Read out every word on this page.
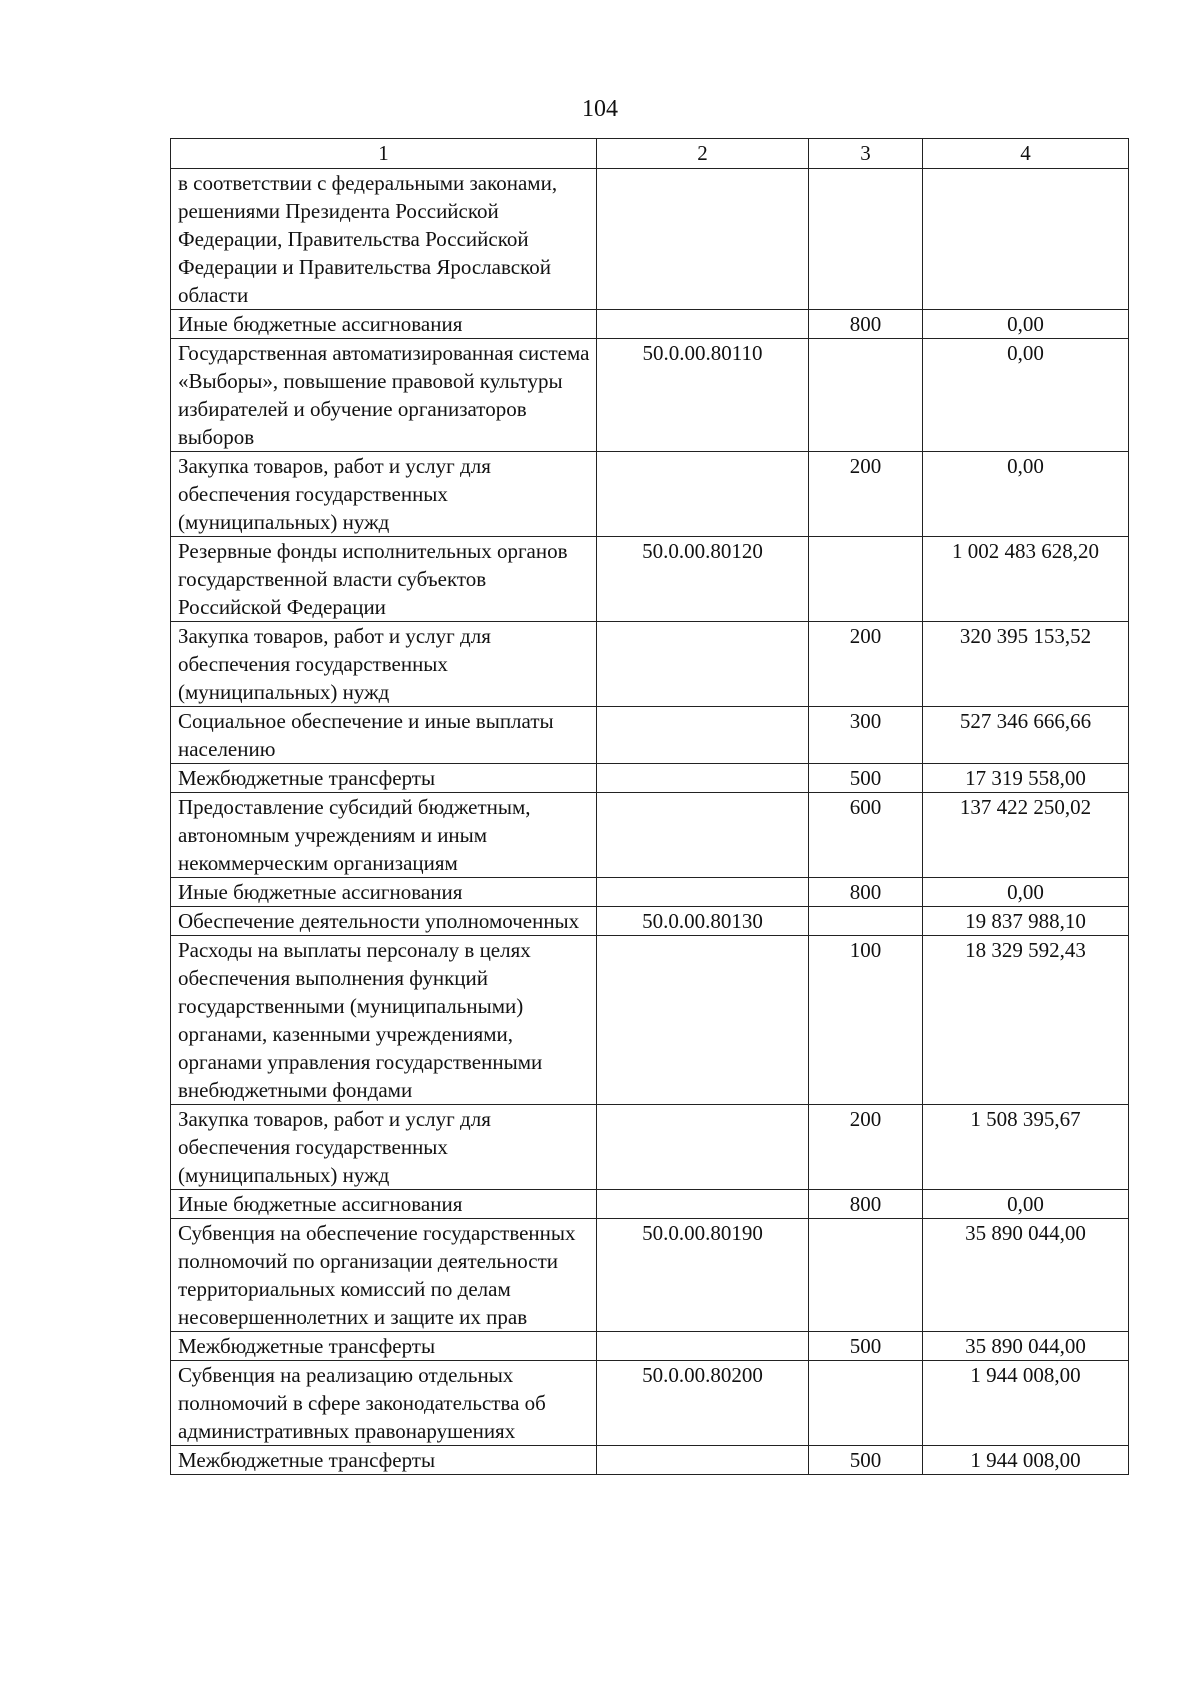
104
1	2	3	4
в соответствии с федеральными законами, решениями Президента Российской Федерации, Правительства Российской Федерации и Правительства Ярославской области			
Иные бюджетные ассигнования		800	0,00
Государственная автоматизированная система «Выборы», повышение правовой культуры избирателей и обучение организаторов выборов	50.0.00.80110		0,00
Закупка товаров, работ и услуг для обеспечения государственных (муниципальных) нужд		200	0,00
Резервные фонды исполнительных органов государственной власти субъектов Российской Федерации	50.0.00.80120		1 002 483 628,20
Закупка товаров, работ и услуг для обеспечения государственных (муниципальных) нужд		200	320 395 153,52
Социальное обеспечение и иные выплаты населению		300	527 346 666,66
Межбюджетные трансферты		500	17 319 558,00
Предоставление субсидий бюджетным, автономным учреждениям и иным некоммерческим организациям		600	137 422 250,02
Иные бюджетные ассигнования		800	0,00
Обеспечение деятельности уполномоченных	50.0.00.80130		19 837 988,10
Расходы на выплаты персоналу в целях обеспечения выполнения функций государственными (муниципальными) органами, казенными учреждениями, органами управления государственными внебюджетными фондами		100	18 329 592,43
Закупка товаров, работ и услуг для обеспечения государственных (муниципальных) нужд		200	1 508 395,67
Иные бюджетные ассигнования		800	0,00
Субвенция на обеспечение государственных полномочий по организации деятельности территориальных комиссий по делам несовершеннолетних и защите их прав	50.0.00.80190		35 890 044,00
Межбюджетные трансферты		500	35 890 044,00
Субвенция на реализацию отдельных полномочий в сфере законодательства об административных правонарушениях	50.0.00.80200		1 944 008,00
Межбюджетные трансферты		500	1 944 008,00
